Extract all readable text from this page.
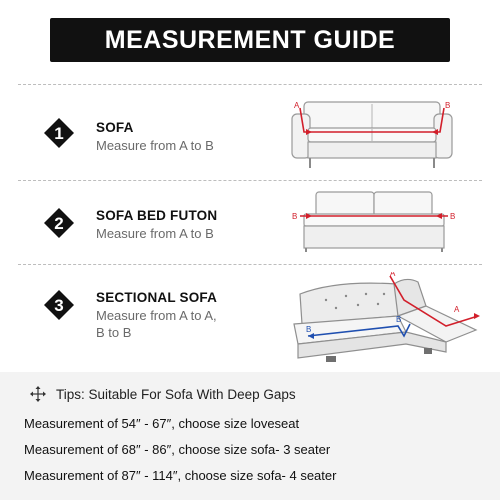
MEASUREMENT GUIDE
1 SOFA
Measure from A to B
A	B
2 SOFA BED FUTON
Measure from A to B
B	B
3 SECTIONAL SOFA
Measure from A to A,
B to B
A
A
B
B
Tips: Suitable For Sofa With Deep Gaps
Measurement of 54″ - 67″, choose size loveseat
Measurement of 68″ - 86″, choose size sofa- 3 seater
Measurement of 87″ - 114″, choose size sofa- 4 seater
